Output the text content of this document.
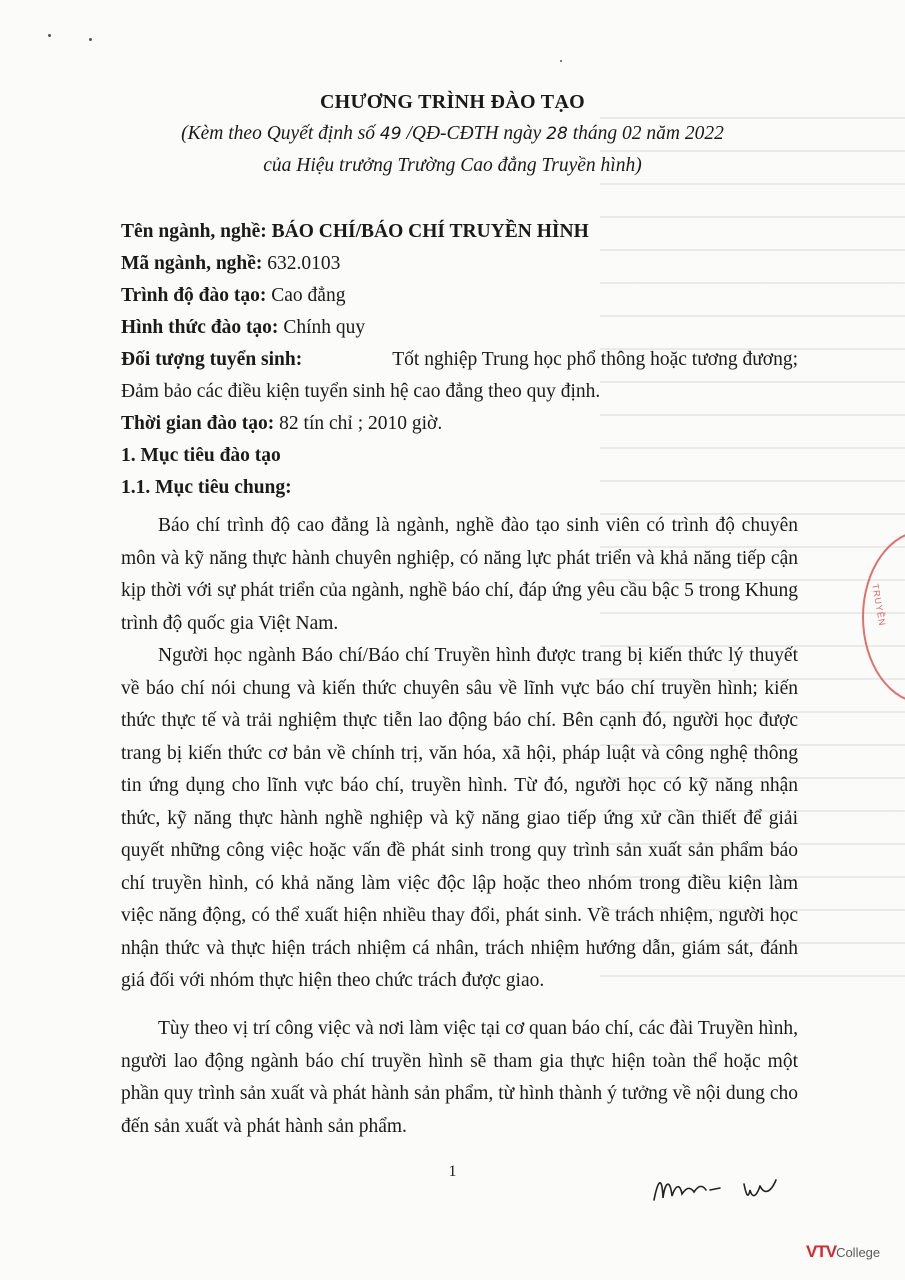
TRUYỀN
CHƯƠNG TRÌNH ĐÀO TẠO
(Kèm theo Quyết định số 49 /QĐ-CĐTH ngày 28 tháng 02 năm 2022
của Hiệu trưởng Trường Cao đẳng Truyền hình)
Tên ngành, nghề: BÁO CHÍ/BÁO CHÍ TRUYỀN HÌNH
Mã ngành, nghề: 632.0103
Trình độ đào tạo: Cao đẳng
Hình thức đào tạo: Chính quy
Đối tượng tuyển sinh:	Tốt nghiệp Trung học phổ thông hoặc tương đương;
Đảm bảo các điều kiện tuyển sinh hệ cao đẳng theo quy định.
Thời gian đào tạo: 82 tín chỉ ; 2010 giờ.
1. Mục tiêu đào tạo
1.1. Mục tiêu chung:
Báo chí trình độ cao đẳng là ngành, nghề đào tạo sinh viên có trình độ chuyên môn và kỹ năng thực hành chuyên nghiệp, có năng lực phát triển và khả năng tiếp cận kịp thời với sự phát triển của ngành, nghề báo chí, đáp ứng yêu cầu bậc 5 trong Khung trình độ quốc gia Việt Nam.
Người học ngành Báo chí/Báo chí Truyền hình được trang bị kiến thức lý thuyết về báo chí nói chung và kiến thức chuyên sâu về lĩnh vực báo chí truyền hình; kiến thức thực tế và trải nghiệm thực tiễn lao động báo chí. Bên cạnh đó, người học được trang bị kiến thức cơ bản về chính trị, văn hóa, xã hội, pháp luật và công nghệ thông tin ứng dụng cho lĩnh vực báo chí, truyền hình. Từ đó, người học có kỹ năng nhận thức, kỹ năng thực hành nghề nghiệp và kỹ năng giao tiếp ứng xử cần thiết để giải quyết những công việc hoặc vấn đề phát sinh trong quy trình sản xuất sản phẩm báo chí truyền hình, có khả năng làm việc độc lập hoặc theo nhóm trong điều kiện làm việc năng động, có thể xuất hiện nhiều thay đổi, phát sinh. Về trách nhiệm, người học nhận thức và thực hiện trách nhiệm cá nhân, trách nhiệm hướng dẫn, giám sát, đánh giá đối với nhóm thực hiện theo chức trách được giao.
Tùy theo vị trí công việc và nơi làm việc tại cơ quan báo chí, các đài Truyền hình, người lao động ngành báo chí truyền hình sẽ tham gia thực hiện toàn thể hoặc một phần quy trình sản xuất và phát hành sản phẩm, từ hình thành ý tưởng về nội dung cho đến sản xuất và phát hành sản phẩm.
1
VTVCollege
